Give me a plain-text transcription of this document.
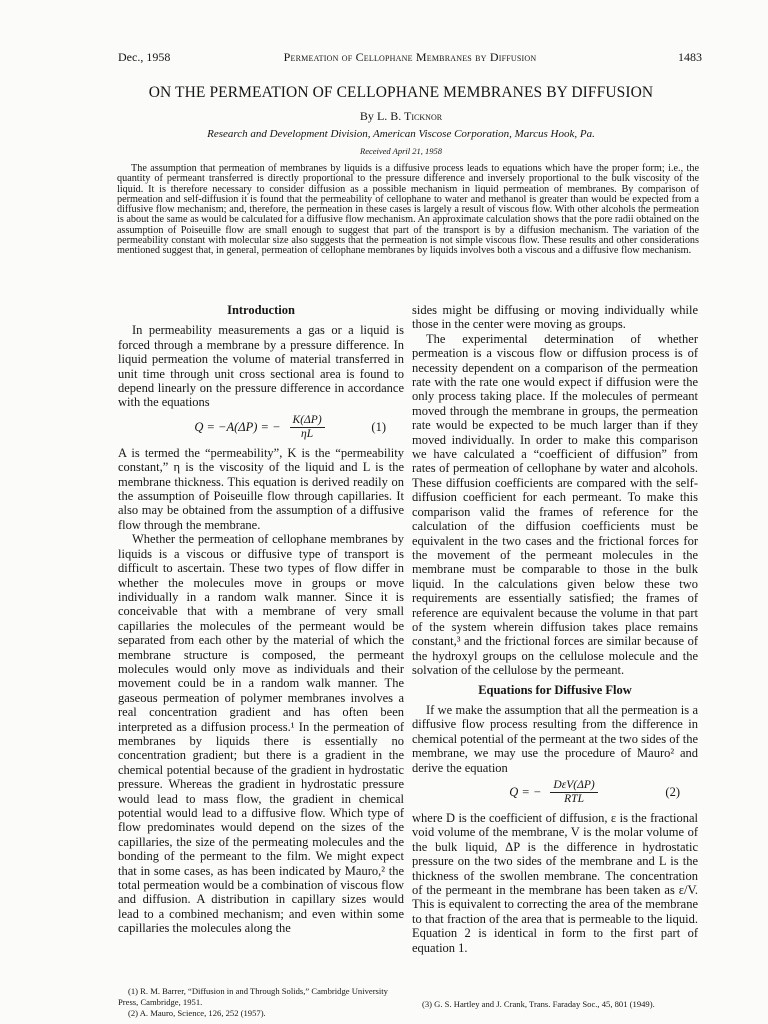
Dec., 1958	Permeation of Cellophane Membranes by Diffusion	1483
ON THE PERMEATION OF CELLOPHANE MEMBRANES BY DIFFUSION
By L. B. Ticknor
Research and Development Division, American Viscose Corporation, Marcus Hook, Pa.
Received April 21, 1958

The assumption that permeation of membranes by liquids is a diffusive process leads to equations which have the proper form; i.e., the quantity of permeant transferred is directly proportional to the pressure difference and inversely proportional to the bulk viscosity of the liquid. It is therefore necessary to consider diffusion as a possible mechanism in liquid permeation of membranes. By comparison of permeation and self-diffusion it is found that the permeability of cellophane to water and methanol is greater than would be expected from a diffusive flow mechanism; and, therefore, the permeation in these cases is largely a result of viscous flow. With other alcohols the permeation is about the same as would be calculated for a diffusive flow mechanism. An approximate calculation shows that the pore radii obtained on the assumption of Poiseuille flow are small enough to suggest that part of the transport is by a diffusion mechanism. The variation of the permeability constant with molecular size also suggests that the permeation is not simple viscous flow. These results and other considerations mentioned suggest that, in general, permeation of cellophane membranes by liquids involves both a viscous and a diffusive flow mechanism.

Introduction

In permeability measurements a gas or a liquid is forced through a membrane by a pressure difference. In liquid permeation the volume of material transferred in unit time through unit cross sectional area is found to depend linearly on the pressure difference in accordance with the equations

Q = −A(ΔP) = − $\frac{K(\Delta P)}{\eta L}$	(1)

A is termed the “permeability”, K is the “permeability constant,” η is the viscosity of the liquid and L is the membrane thickness. This equation is derived readily on the assumption of Poiseuille flow through capillaries. It also may be obtained from the assumption of a diffusive flow through the membrane.

Whether the permeation of cellophane membranes by liquids is a viscous or diffusive type of transport is difficult to ascertain. These two types of flow differ in whether the molecules move in groups or move individually in a random walk manner. Since it is conceivable that with a membrane of very small capillaries the molecules of the permeant would be separated from each other by the material of which the membrane structure is composed, the permeant molecules would only move as individuals and their movement could be in a random walk manner. The gaseous permeation of polymer membranes involves a real concentration gradient and has often been interpreted as a diffusion process.¹ In the permeation of membranes by liquids there is essentially no concentration gradient; but there is a gradient in the chemical potential because of the gradient in hydrostatic pressure. Whereas the gradient in hydrostatic pressure would lead to mass flow, the gradient in chemical potential would lead to a diffusive flow. Which type of flow predominates would depend on the sizes of the capillaries, the size of the permeating molecules and the bonding of the permeant to the film. We might expect that in some cases, as has been indicated by Mauro,² the total permeation would be a combination of viscous flow and diffusion. A distribution in capillary sizes would lead to a combined mechanism; and even within some capillaries the molecules along the

sides might be diffusing or moving individually while those in the center were moving as groups.

The experimental determination of whether permeation is a viscous flow or diffusion process is of necessity dependent on a comparison of the permeation rate with the rate one would expect if diffusion were the only process taking place. If the molecules of permeant moved through the membrane in groups, the permeation rate would be expected to be much larger than if they moved individually. In order to make this comparison we have calculated a “coefficient of diffusion” from rates of permeation of cellophane by water and alcohols. These diffusion coefficients are compared with the self-diffusion coefficient for each permeant. To make this comparison valid the frames of reference for the calculation of the diffusion coefficients must be equivalent in the two cases and the frictional forces for the movement of the permeant molecules in the membrane must be comparable to those in the bulk liquid. In the calculations given below these two requirements are essentially satisfied; the frames of reference are equivalent because the volume in that part of the system wherein diffusion takes place remains constant,³ and the frictional forces are similar because of the hydroxyl groups on the cellulose molecule and the solvation of the cellulose by the permeant.

Equations for Diffusive Flow

If we make the assumption that all the permeation is a diffusive flow process resulting from the difference in chemical potential of the permeant at the two sides of the membrane, we may use the procedure of Mauro² and derive the equation

Q = − $\frac{\text{DεV(ΔP)}}{\text{RTL}}$	(2)

where D is the coefficient of diffusion, ε is the fractional void volume of the membrane, V is the molar volume of the bulk liquid, ΔP is the difference in hydrostatic pressure on the two sides of the membrane and L is the thickness of the swollen membrane. The concentration of the permeant in the membrane has been taken as ε/V. This is equivalent to correcting the area of the membrane to that fraction of the area that is permeable to the liquid. Equation 2 is identical in form to the first part of equation 1.

(1) R. M. Barrer, “Diffusion in and Through Solids,” Cambridge University Press, Cambridge, 1951.

(2) A. Mauro, Science, 126, 252 (1957).

(3) G. S. Hartley and J. Crank, Trans. Faraday Soc., 45, 801 (1949).
